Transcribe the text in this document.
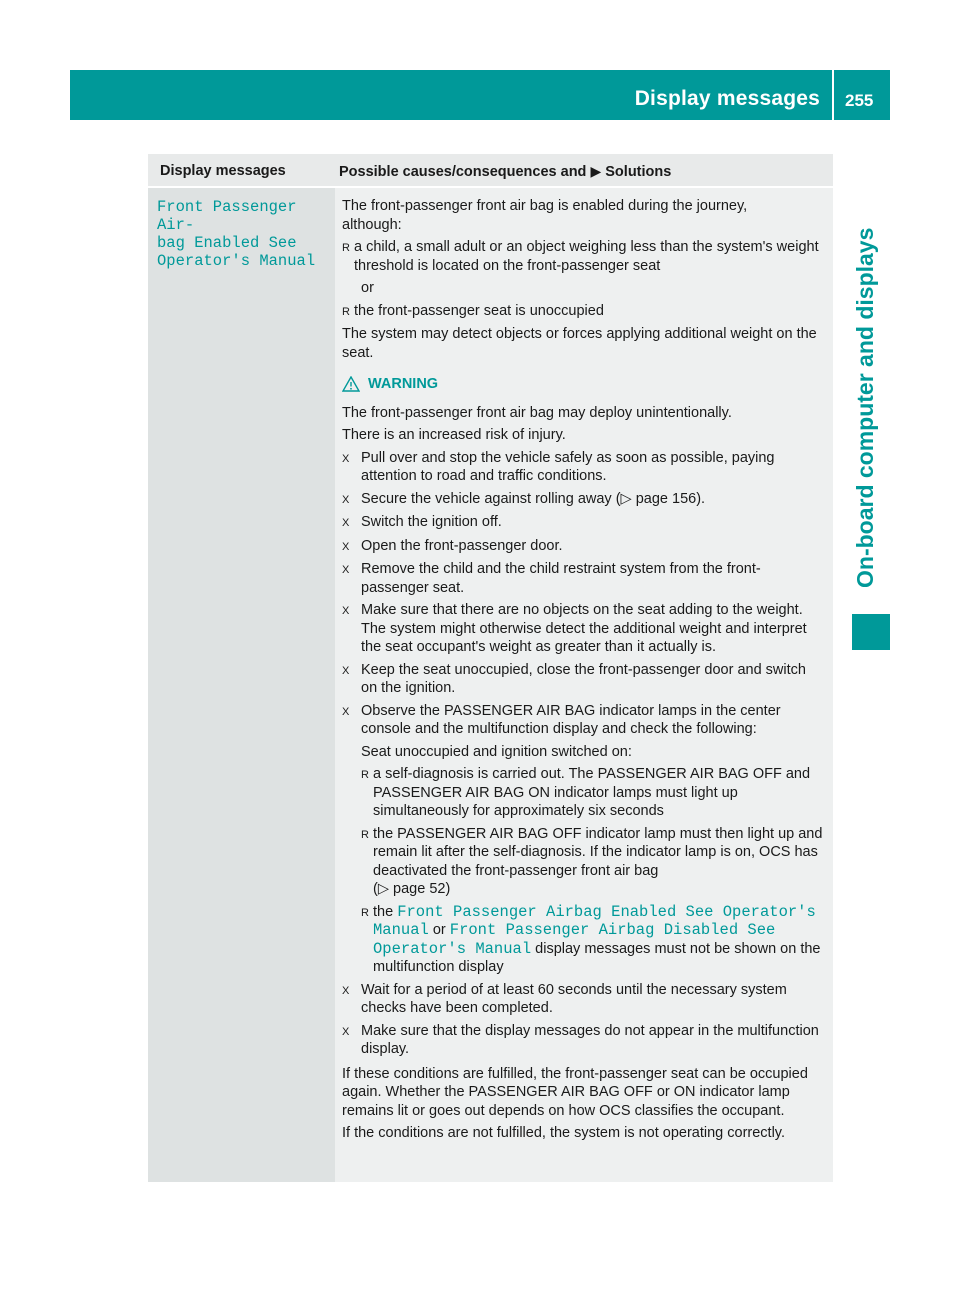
Display messages 255
On-board computer and displays
Display messages	Possible causes/consequences and ▶ Solutions
Front Passenger Air‐
bag Enabled See
Operator's Manual

The front-passenger front air bag is enabled during the journey,
although:

R a child, a small adult or an object weighing less than the system's weight threshold is located on the front-passenger seat

or

R the front-passenger seat is unoccupied

The system may detect objects or forces applying additional weight on the seat.

WARNING

The front-passenger front air bag may deploy unintentionally.

There is an increased risk of injury.

X Pull over and stop the vehicle safely as soon as possible, paying attention to road and traffic conditions.
X Secure the vehicle against rolling away (▷ page 156).
X Switch the ignition off.
X Open the front-passenger door.
X Remove the child and the child restraint system from the front-passenger seat.
X Make sure that there are no objects on the seat adding to the weight.
The system might otherwise detect the additional weight and interpret the seat occupant's weight as greater than it actually is.
X Keep the seat unoccupied, close the front-passenger door and switch on the ignition.
X Observe the PASSENGER AIR BAG indicator lamps in the center console and the multifunction display and check the following:

Seat unoccupied and ignition switched on:

R a self-diagnosis is carried out. The PASSENGER AIR BAG OFF and PASSENGER AIR BAG ON indicator lamps must light up simultaneously for approximately six seconds
R the PASSENGER AIR BAG OFF indicator lamp must then light up and remain lit after the self-diagnosis. If the indicator lamp is on, OCS has deactivated the front-passenger front air bag
(▷ page 52)
R the Front Passenger Airbag Enabled See Operator's Manual or Front Passenger Airbag Disabled See Operator's Manual display messages must not be shown on the multifunction display
X Wait for a period of at least 60 seconds until the necessary system checks have been completed.
X Make sure that the display messages do not appear in the multifunction display.

If these conditions are fulfilled, the front-passenger seat can be occupied again. Whether the PASSENGER AIR BAG OFF or ON indicator lamp remains lit or goes out depends on how OCS classifies the occupant.

If the conditions are not fulfilled, the system is not operating correctly.
